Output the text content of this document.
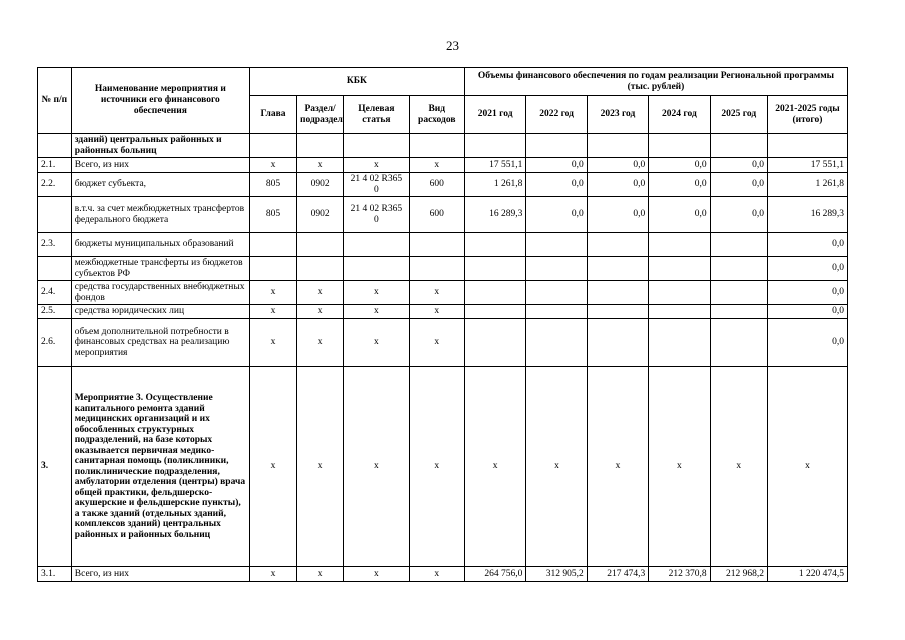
23
№ п/п	Наименование мероприятия и источники его финансового обеспечения	КБК				Объемы финансового обеспечения по годам реализации Региональной программы (тыс. рублей)					
		Глава	Раздел/ подраздел	Целевая статья	Вид расходов	2021 год	2022 год	2023 год	2024 год	2025 год	2021-2025 годы (итого)
	зданий) центральных районных и районных больниц										
2.1.	Всего, из них	х	х	х	х	17 551,1	0,0	0,0	0,0	0,0	17 551,1
2.2.	бюджет субъекта,	805	0902	21 4 02 R365 0	600	1 261,8	0,0	0,0	0,0	0,0	1 261,8
	в.т.ч. за счет межбюджетных трансфертов федерального бюджета	805	0902	21 4 02 R365 0	600	16 289,3	0,0	0,0	0,0	0,0	16 289,3
2.3.	бюджеты муниципальных образований										0,0
	межбюджетные трансферты из бюджетов субъектов РФ										0,0
2.4.	средства государственных внебюджетных фондов	х	х	х	х						0,0
2.5.	средства юридических лиц	х	х	х	х						0,0
2.6.	объем дополнительной потребности в финансовых средствах на реализацию мероприятия	х	х	х	х						0,0
3.	Мероприятие 3. Осуществление капитального ремонта зданий медицинских организаций и их обособленных структурных подразделений, на базе которых оказывается первичная медико-санитарная помощь (поликлиники, поликлинические подразделения, амбулатории отделения (центры) врача общей практики, фельдшерско-акушерские и фельдшерские пункты), а также зданий (отдельных зданий, комплексов зданий) центральных районных и районных больниц	х	х	х	х	х	х	х	х	х	х
3.1.	Всего, из них	х	х	х	х	264 756,0	312 905,2	217 474,3	212 370,8	212 968,2	1 220 474,5
